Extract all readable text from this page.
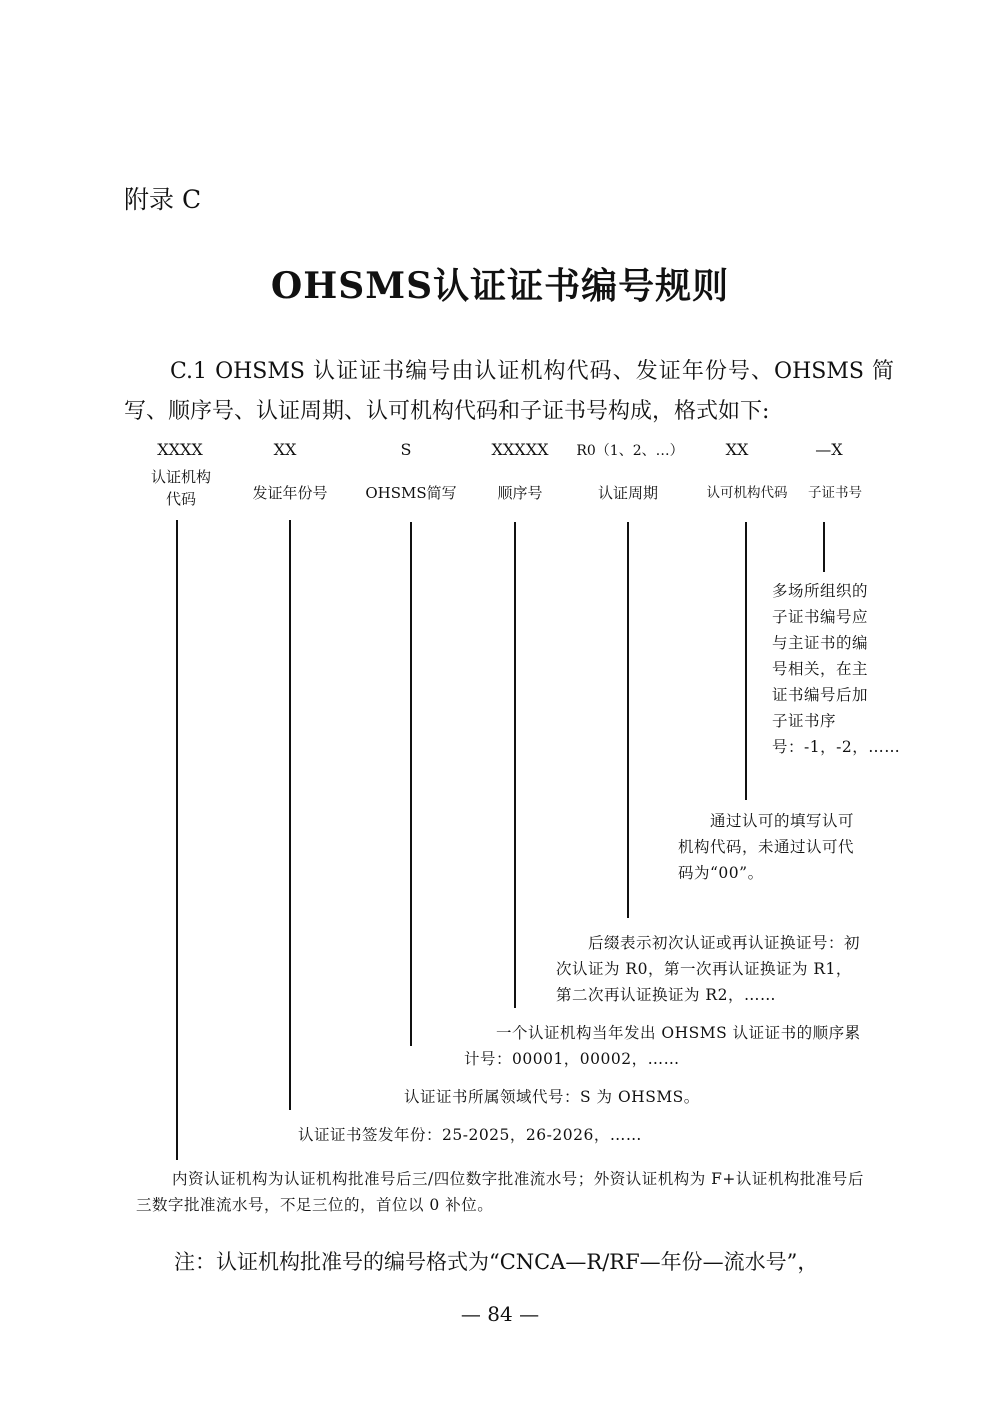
附录 C
OHSMS认证证书编号规则
C.1 OHSMS 认证证书编号由认证机构代码、发证年份号、OHSMS 简写、顺序号、认证周期、认可机构代码和子证书号构成，格式如下:
XXXX	XX	S	XXXXX	R0（1、2、…）	XX	—X
认证机构
代码	发证年份号	OHSMS简写	顺序号	认证周期	认可机构代码	子证书号
多场所组织的子证书编号应与主证书的编号相关，在主证书编号后加子证书序号：-1，-2，……
通过认可的填写认可机构代码，未通过认可代码为“00”。
后缀表示初次认证或再认证换证号：初次认证为 R0，第一次再认证换证为 R1，第二次再认证换证为 R2，……
一个认证机构当年发出 OHSMS 认证证书的顺序累计号：00001，00002，……
认证证书所属领域代号：S 为 OHSMS。
认证证书签发年份：25-2025，26-2026，……
内资认证机构为认证机构批准号后三/四位数字批准流水号；外资认证机构为 F+认证机构批准号后三数字批准流水号，不足三位的，首位以 0 补位。
注：认证机构批准号的编号格式为“CNCA—R/RF—年份—流水号”，
— 84 —
